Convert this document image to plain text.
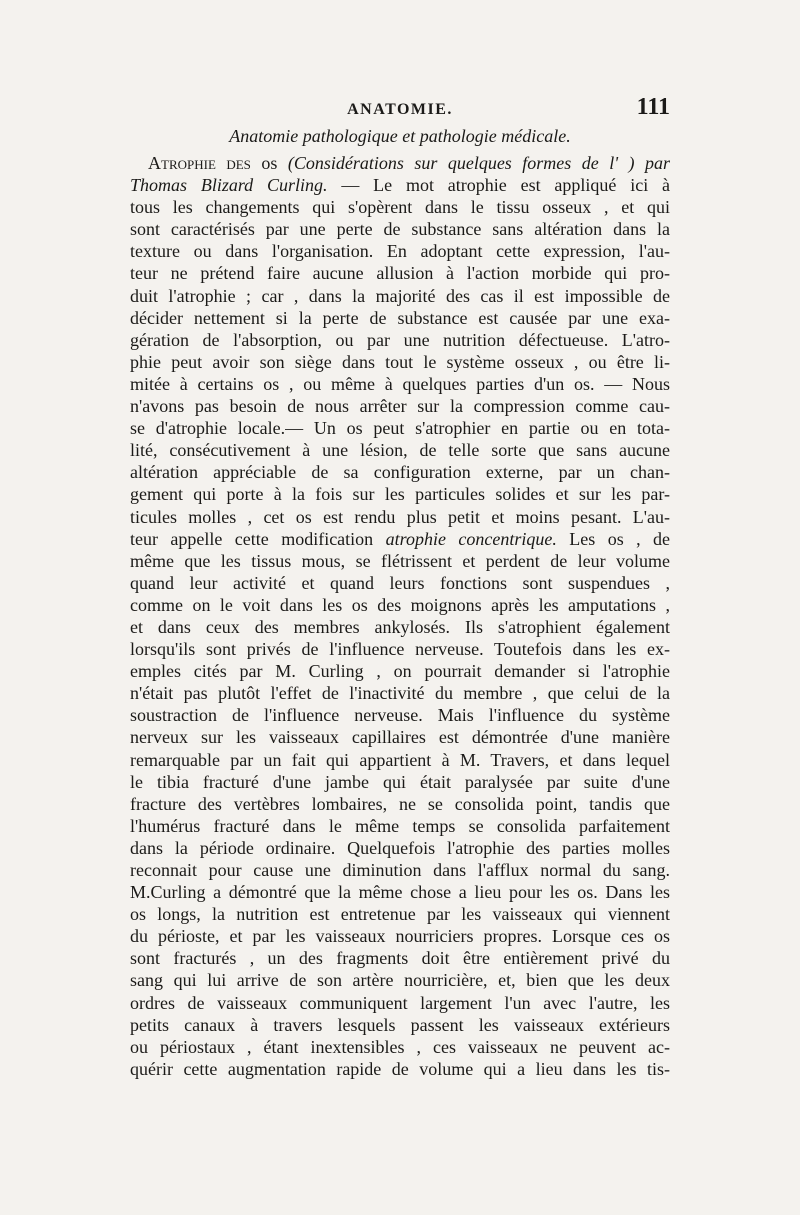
ANATOMIE.	111
Anatomie pathologique et pathologie médicale.
 Atrophie des os (Considérations sur quelques formes de l' ) par
Thomas Blizard Curling. — Le mot atrophie est appliqué ici à
tous les changements qui s'opèrent dans le tissu osseux , et qui
sont caractérisés par une perte de substance sans altération dans la
texture ou dans l'organisation. En adoptant cette expression, l'au-
teur ne prétend faire aucune allusion à l'action morbide qui pro-
duit l'atrophie ; car , dans la majorité des cas il est impossible de
décider nettement si la perte de substance est causée par une exa-
gération de l'absorption, ou par une nutrition défectueuse. L'atro-
phie peut avoir son siège dans tout le système osseux , ou être li-
mitée à certains os , ou même à quelques parties d'un os. — Nous
n'avons pas besoin de nous arrêter sur la compression comme cau-
se d'atrophie locale.— Un os peut s'atrophier en partie ou en tota-
lité, consécutivement à une lésion, de telle sorte que sans aucune
altération appréciable de sa configuration externe, par un chan-
gement qui porte à la fois sur les particules solides et sur les par-
ticules molles , cet os est rendu plus petit et moins pesant. L'au-
teur appelle cette modification atrophie concentrique. Les os , de
même que les tissus mous, se flétrissent et perdent de leur volume
quand leur activité et quand leurs fonctions sont suspendues ,
comme on le voit dans les os des moignons après les amputations ,
et dans ceux des membres ankylosés. Ils s'atrophient également
lorsqu'ils sont privés de l'influence nerveuse. Toutefois dans les ex-
emples cités par M. Curling , on pourrait demander si l'atrophie
n'était pas plutôt l'effet de l'inactivité du membre , que celui de la
soustraction de l'influence nerveuse. Mais l'influence du système
nerveux sur les vaisseaux capillaires est démontrée d'une manière
remarquable par un fait qui appartient à M. Travers, et dans lequel
le tibia fracturé d'une jambe qui était paralysée par suite d'une
fracture des vertèbres lombaires, ne se consolida point, tandis que
l'humérus fracturé dans le même temps se consolida parfaitement
dans la période ordinaire. Quelquefois l'atrophie des parties molles
reconnait pour cause une diminution dans l'afflux normal du sang.
M.Curling a démontré que la même chose a lieu pour les os. Dans les
os longs, la nutrition est entretenue par les vaisseaux qui viennent
du périoste, et par les vaisseaux nourriciers propres. Lorsque ces os
sont fracturés , un des fragments doit être entièrement privé du
sang qui lui arrive de son artère nourricière, et, bien que les deux
ordres de vaisseaux communiquent largement l'un avec l'autre, les
petits canaux à travers lesquels passent les vaisseaux extérieurs
ou périostaux , étant inextensibles , ces vaisseaux ne peuvent ac-
quérir cette augmentation rapide de volume qui a lieu dans les tis-
